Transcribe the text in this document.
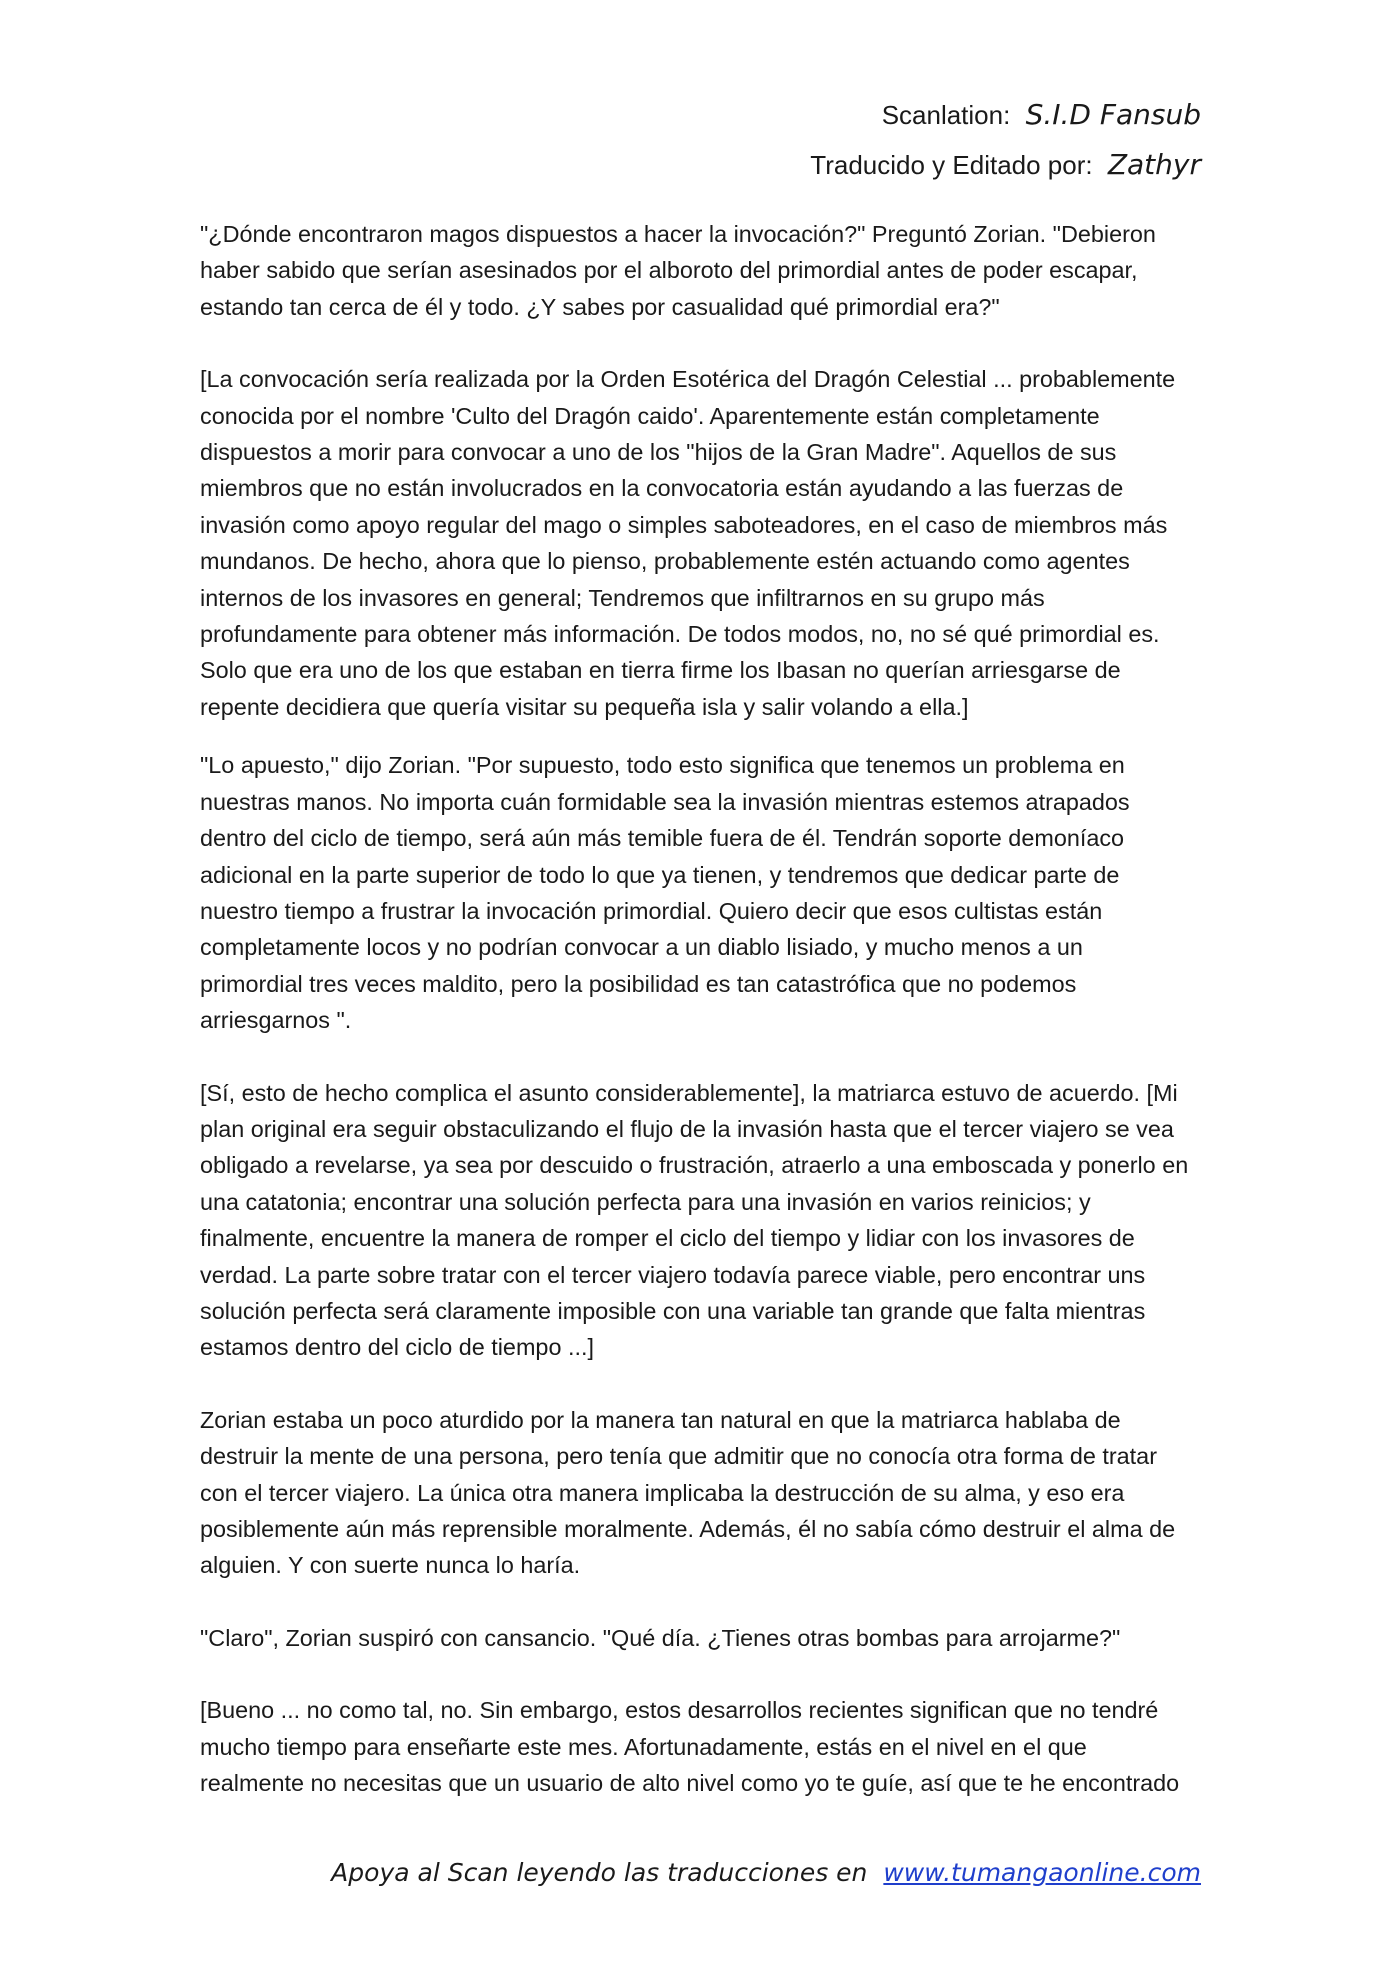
Scanlation: S.I.D Fansub
Traducido y Editado por: Zathyr

"¿Dónde encontraron magos dispuestos a hacer la invocación?" Preguntó Zorian. "Debieron

haber sabido que serían asesinados por el alboroto del primordial antes de poder escapar,

estando tan cerca de él y todo. ¿Y sabes por casualidad qué primordial era?"

[La convocación sería realizada por la Orden Esotérica del Dragón Celestial ... probablemente

conocida por el nombre 'Culto del Dragón caido'. Aparentemente están completamente

dispuestos a morir para convocar a uno de los "hijos de la Gran Madre". Aquellos de sus

miembros que no están involucrados en la convocatoria están ayudando a las fuerzas de

invasión como apoyo regular del mago o simples saboteadores, en el caso de miembros más

mundanos. De hecho, ahora que lo pienso, probablemente estén actuando como agentes

internos de los invasores en general; Tendremos que infiltrarnos en su grupo más

profundamente para obtener más información. De todos modos, no, no sé qué primordial es.

Solo que era uno de los que estaban en tierra firme los Ibasan no querían arriesgarse de

repente decidiera que quería visitar su pequeña isla y salir volando a ella.]

"Lo apuesto," dijo Zorian. "Por supuesto, todo esto significa que tenemos un problema en

nuestras manos. No importa cuán formidable sea la invasión mientras estemos atrapados

dentro del ciclo de tiempo, será aún más temible fuera de él. Tendrán soporte demoníaco

adicional en la parte superior de todo lo que ya tienen, y tendremos que dedicar parte de

nuestro tiempo a frustrar la invocación primordial. Quiero decir que esos cultistas están

completamente locos y no podrían convocar a un diablo lisiado, y mucho menos a un

primordial tres veces maldito, pero la posibilidad es tan catastrófica que no podemos

arriesgarnos ".

[Sí, esto de hecho complica el asunto considerablemente], la matriarca estuvo de acuerdo. [Mi

plan original era seguir obstaculizando el flujo de la invasión hasta que el tercer viajero se vea

obligado a revelarse, ya sea por descuido o frustración, atraerlo a una emboscada y ponerlo en

una catatonia; encontrar una solución perfecta para una invasión en varios reinicios; y

finalmente, encuentre la manera de romper el ciclo del tiempo y lidiar con los invasores de

verdad. La parte sobre tratar con el tercer viajero todavía parece viable, pero encontrar uns

solución perfecta será claramente imposible con una variable tan grande que falta mientras

estamos dentro del ciclo de tiempo ...]

Zorian estaba un poco aturdido por la manera tan natural en que la matriarca hablaba de

destruir la mente de una persona, pero tenía que admitir que no conocía otra forma de tratar

con el tercer viajero. La única otra manera implicaba la destrucción de su alma, y eso era

posiblemente aún más reprensible moralmente. Además, él no sabía cómo destruir el alma de

alguien. Y con suerte nunca lo haría.

"Claro", Zorian suspiró con cansancio. "Qué día. ¿Tienes otras bombas para arrojarme?"

[Bueno ... no como tal, no. Sin embargo, estos desarrollos recientes significan que no tendré

mucho tiempo para enseñarte este mes. Afortunadamente, estás en el nivel en el que

realmente no necesitas que un usuario de alto nivel como yo te guíe, así que te he encontrado

Apoya al Scan leyendo las traducciones en www.tumangaonline.com
